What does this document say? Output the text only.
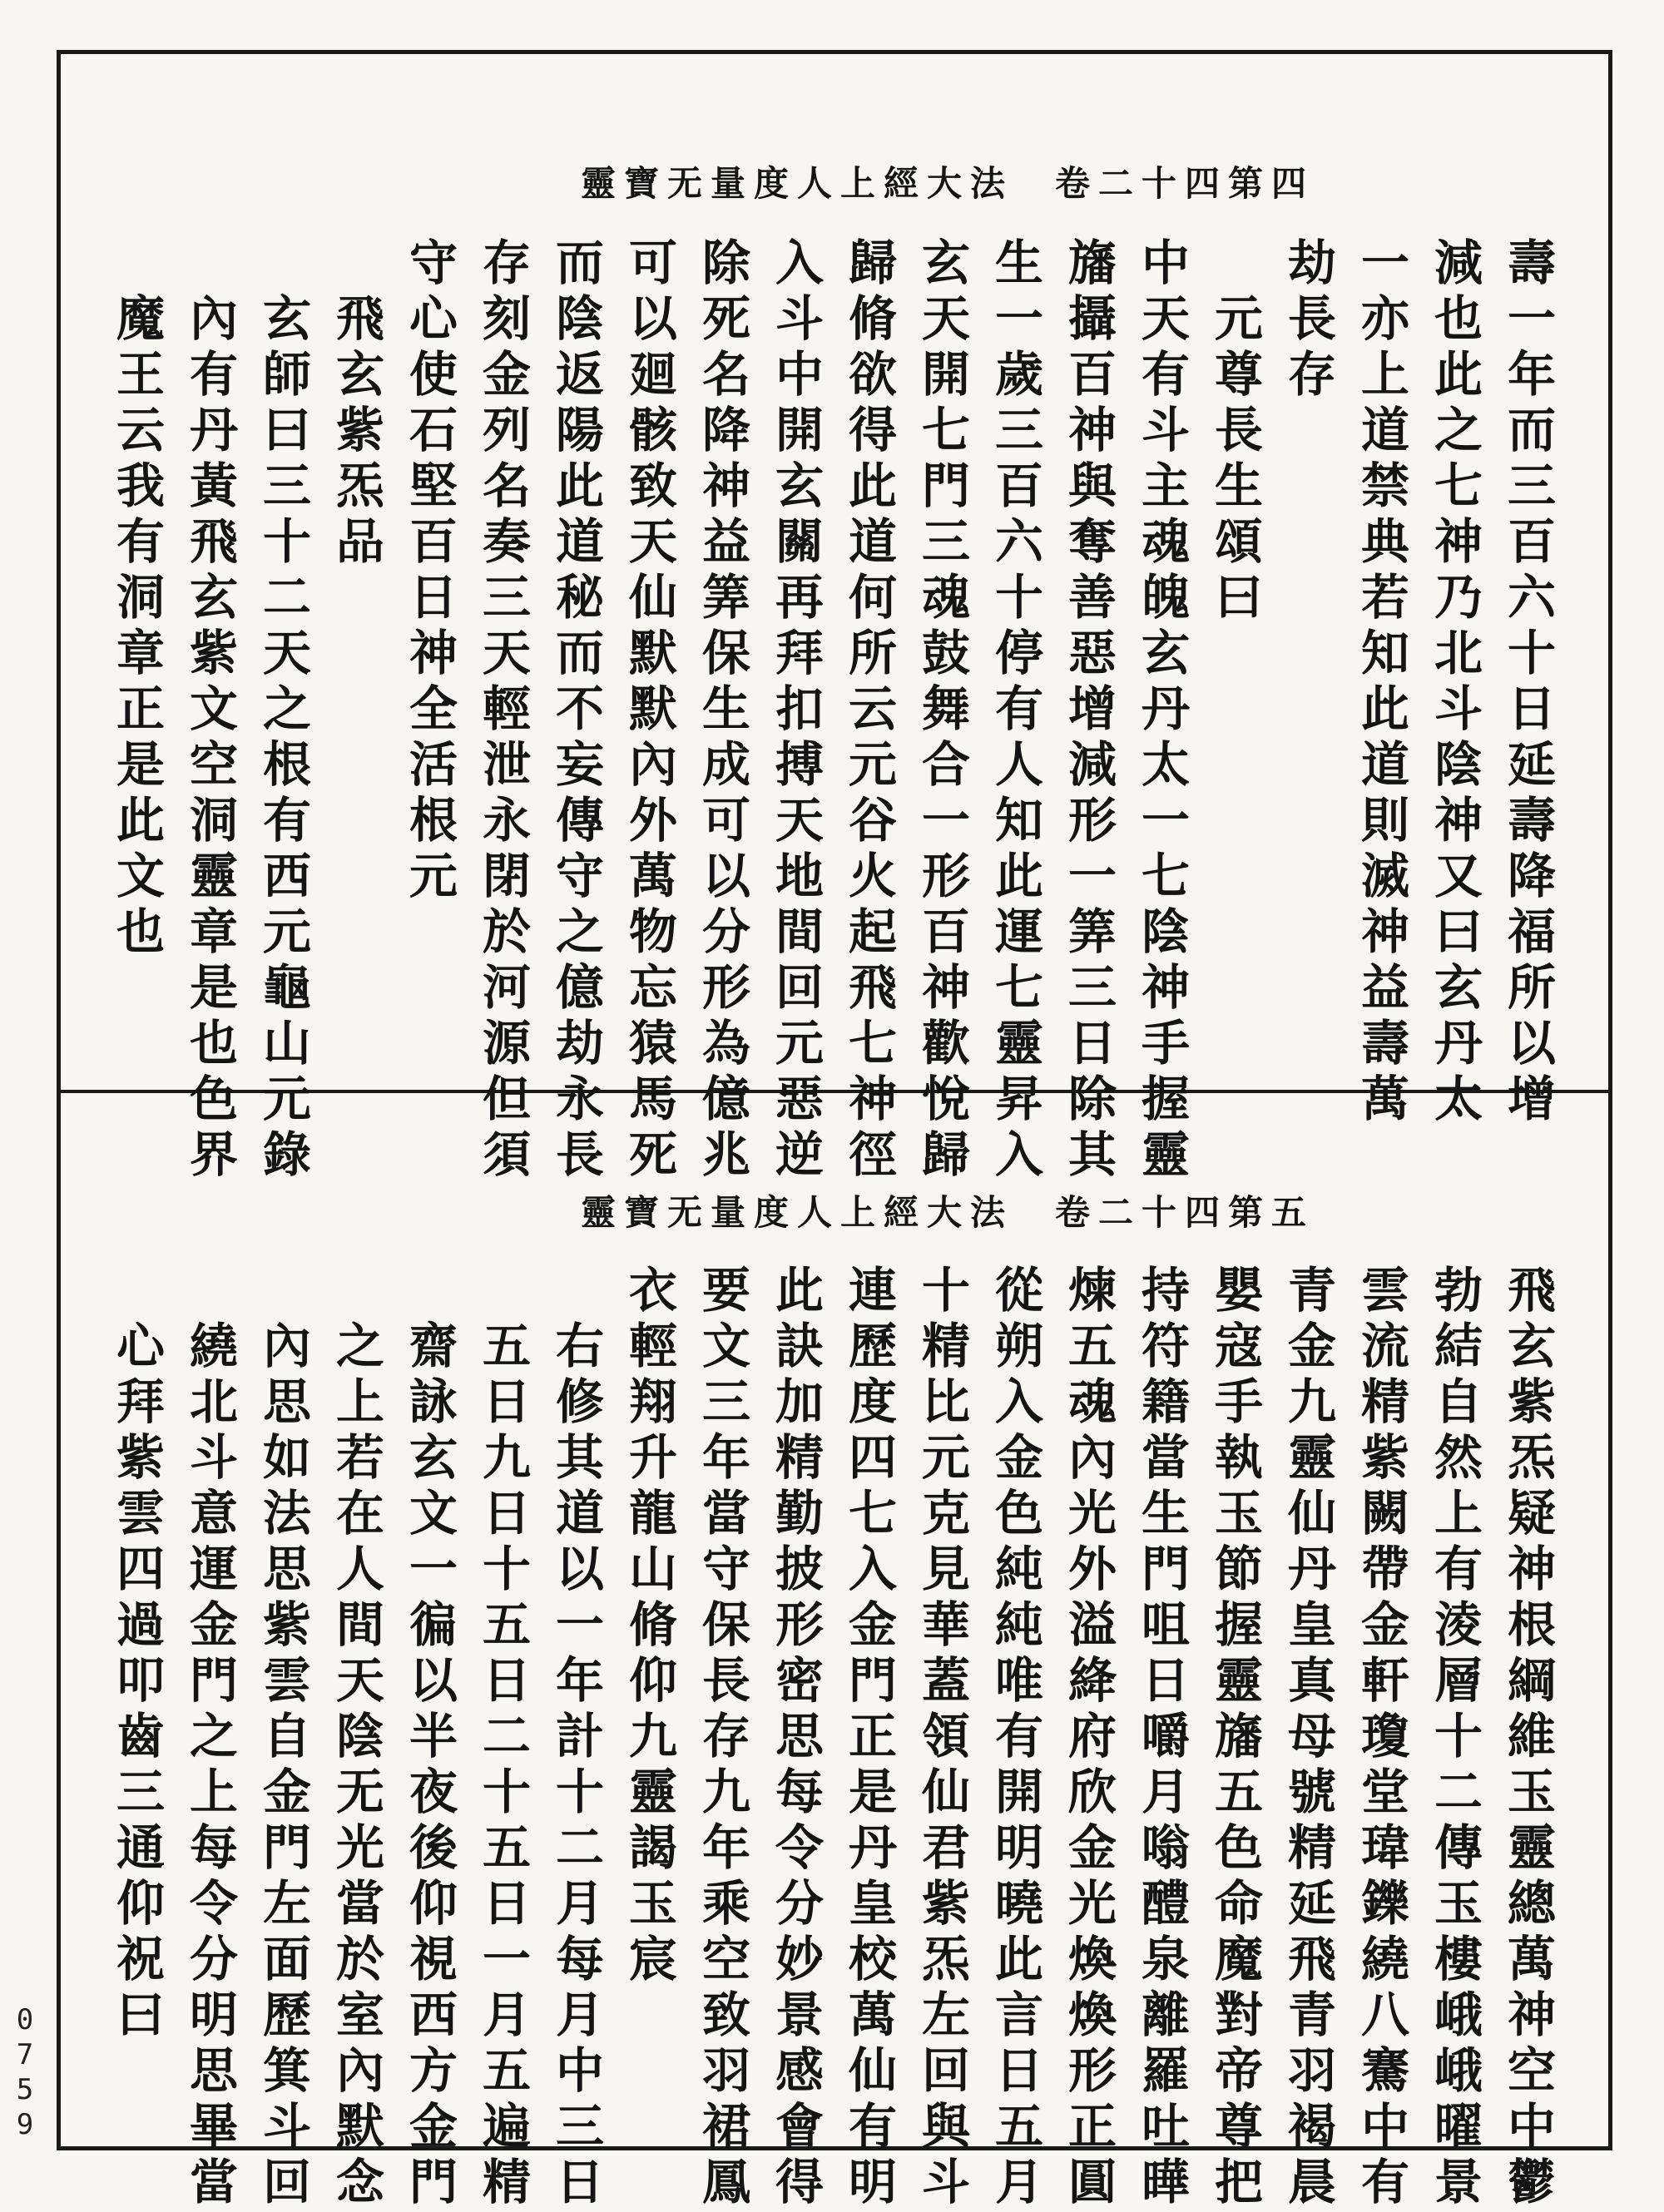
靈寶无量度人上經大法 卷二十四第四
壽一年而三百六十日延壽降福所以增
減也此之七神乃北斗陰神又曰玄丹太
一亦上道禁典若知此道則滅神益壽萬
劫長存
　元尊長生頌曰
中天有斗主魂魄玄丹太一七陰神手握靈
旛攝百神與奪善惡增減形一筭三日除其
生一歲三百六十停有人知此運七靈昇入
玄天開七門三魂鼓舞合一形百神歡悅歸
歸脩欲得此道何所云元谷火起飛七神徑
入斗中開玄關再拜扣搏天地間回元惡逆
除死名降神益筭保生成可以分形為億兆
可以廻骸致天仙默默內外萬物忘猿馬死
而陰返陽此道秘而不妄傳守之億劫永長
存刻金列名奏三天輕泄永閉於河源但須
守心使石堅百日神全活根元
　飛玄紫炁品
　玄師曰三十二天之根有西元龜山元錄
　內有丹黃飛玄紫文空洞靈章是也色界
　魔王云我有洞章正是此文也
靈寶无量度人上經大法 卷二十四第五
飛玄紫炁疑神根綱維玉靈總萬神空中鬱
勃結自然上有淩層十二傳玉樓峨峨曜景
雲流精紫闕帶金軒瓊堂瑋鑠繞八騫中有
青金九靈仙丹皇真母號精延飛青羽褐晨
嬰寇手執玉節握靈旛五色命魔對帝尊把
持符籍當生門咀日嚼月嗡醴泉離羅吐曄
煉五魂內光外溢絳府欣金光煥煥形正圓
從朔入金色純純唯有開明曉此言日五月
十精比元克見華蓋領仙君紫炁左回與斗
連歷度四七入金門正是丹皇校萬仙有明
此訣加精勤披形密思每令分妙景感會得
要文三年當守保長存九年乘空致羽裙鳳
衣輕翔升龍山脩仰九靈謁玉宸
　右修其道以一年計十二月每月中三日
　五日九日十五日二十五日一月五遍精
　齋詠玄文一徧以半夜後仰視西方金門
　之上若在人間天陰无光當於室內默念
　內思如法思紫雲自金門左面歷箕斗回
　繞北斗意運金門之上每令分明思畢當
　心拜紫雲四過叩齒三通仰祝曰
0759
